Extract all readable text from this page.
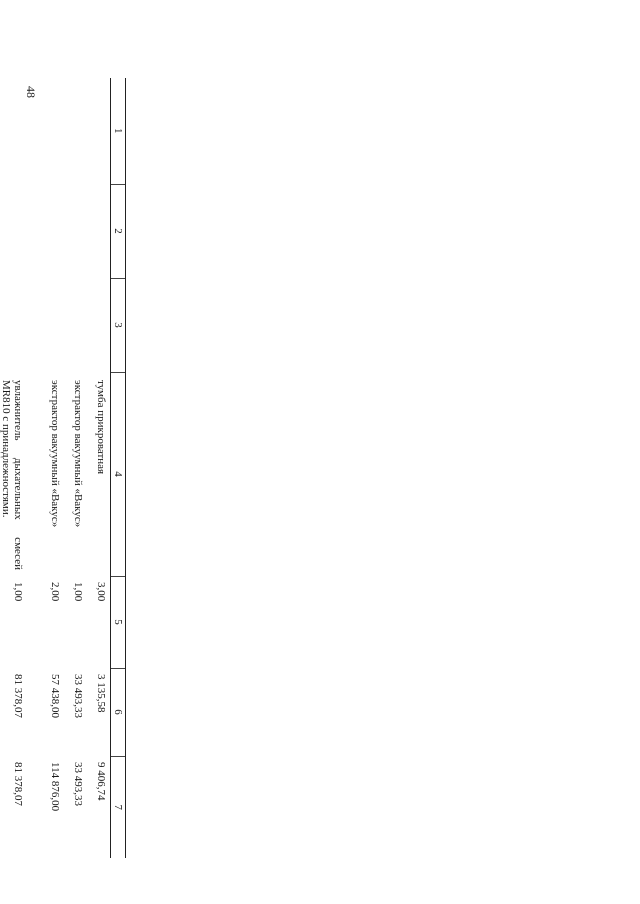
48
1	2	3	4	5	6	7
			тумба прикроватная	3,00	3 135,58	9 406,74
			экстрактор вакуумный «Вакус»	1,00	33 493,33	33 493,33
			экстрактор вакуумный «Вакус»	2,00	57 438,00	114 876,00
			увлажнитель дыхательных смесей MR810 с принадлежностями.	1,00	81 378,07	81 378,07
